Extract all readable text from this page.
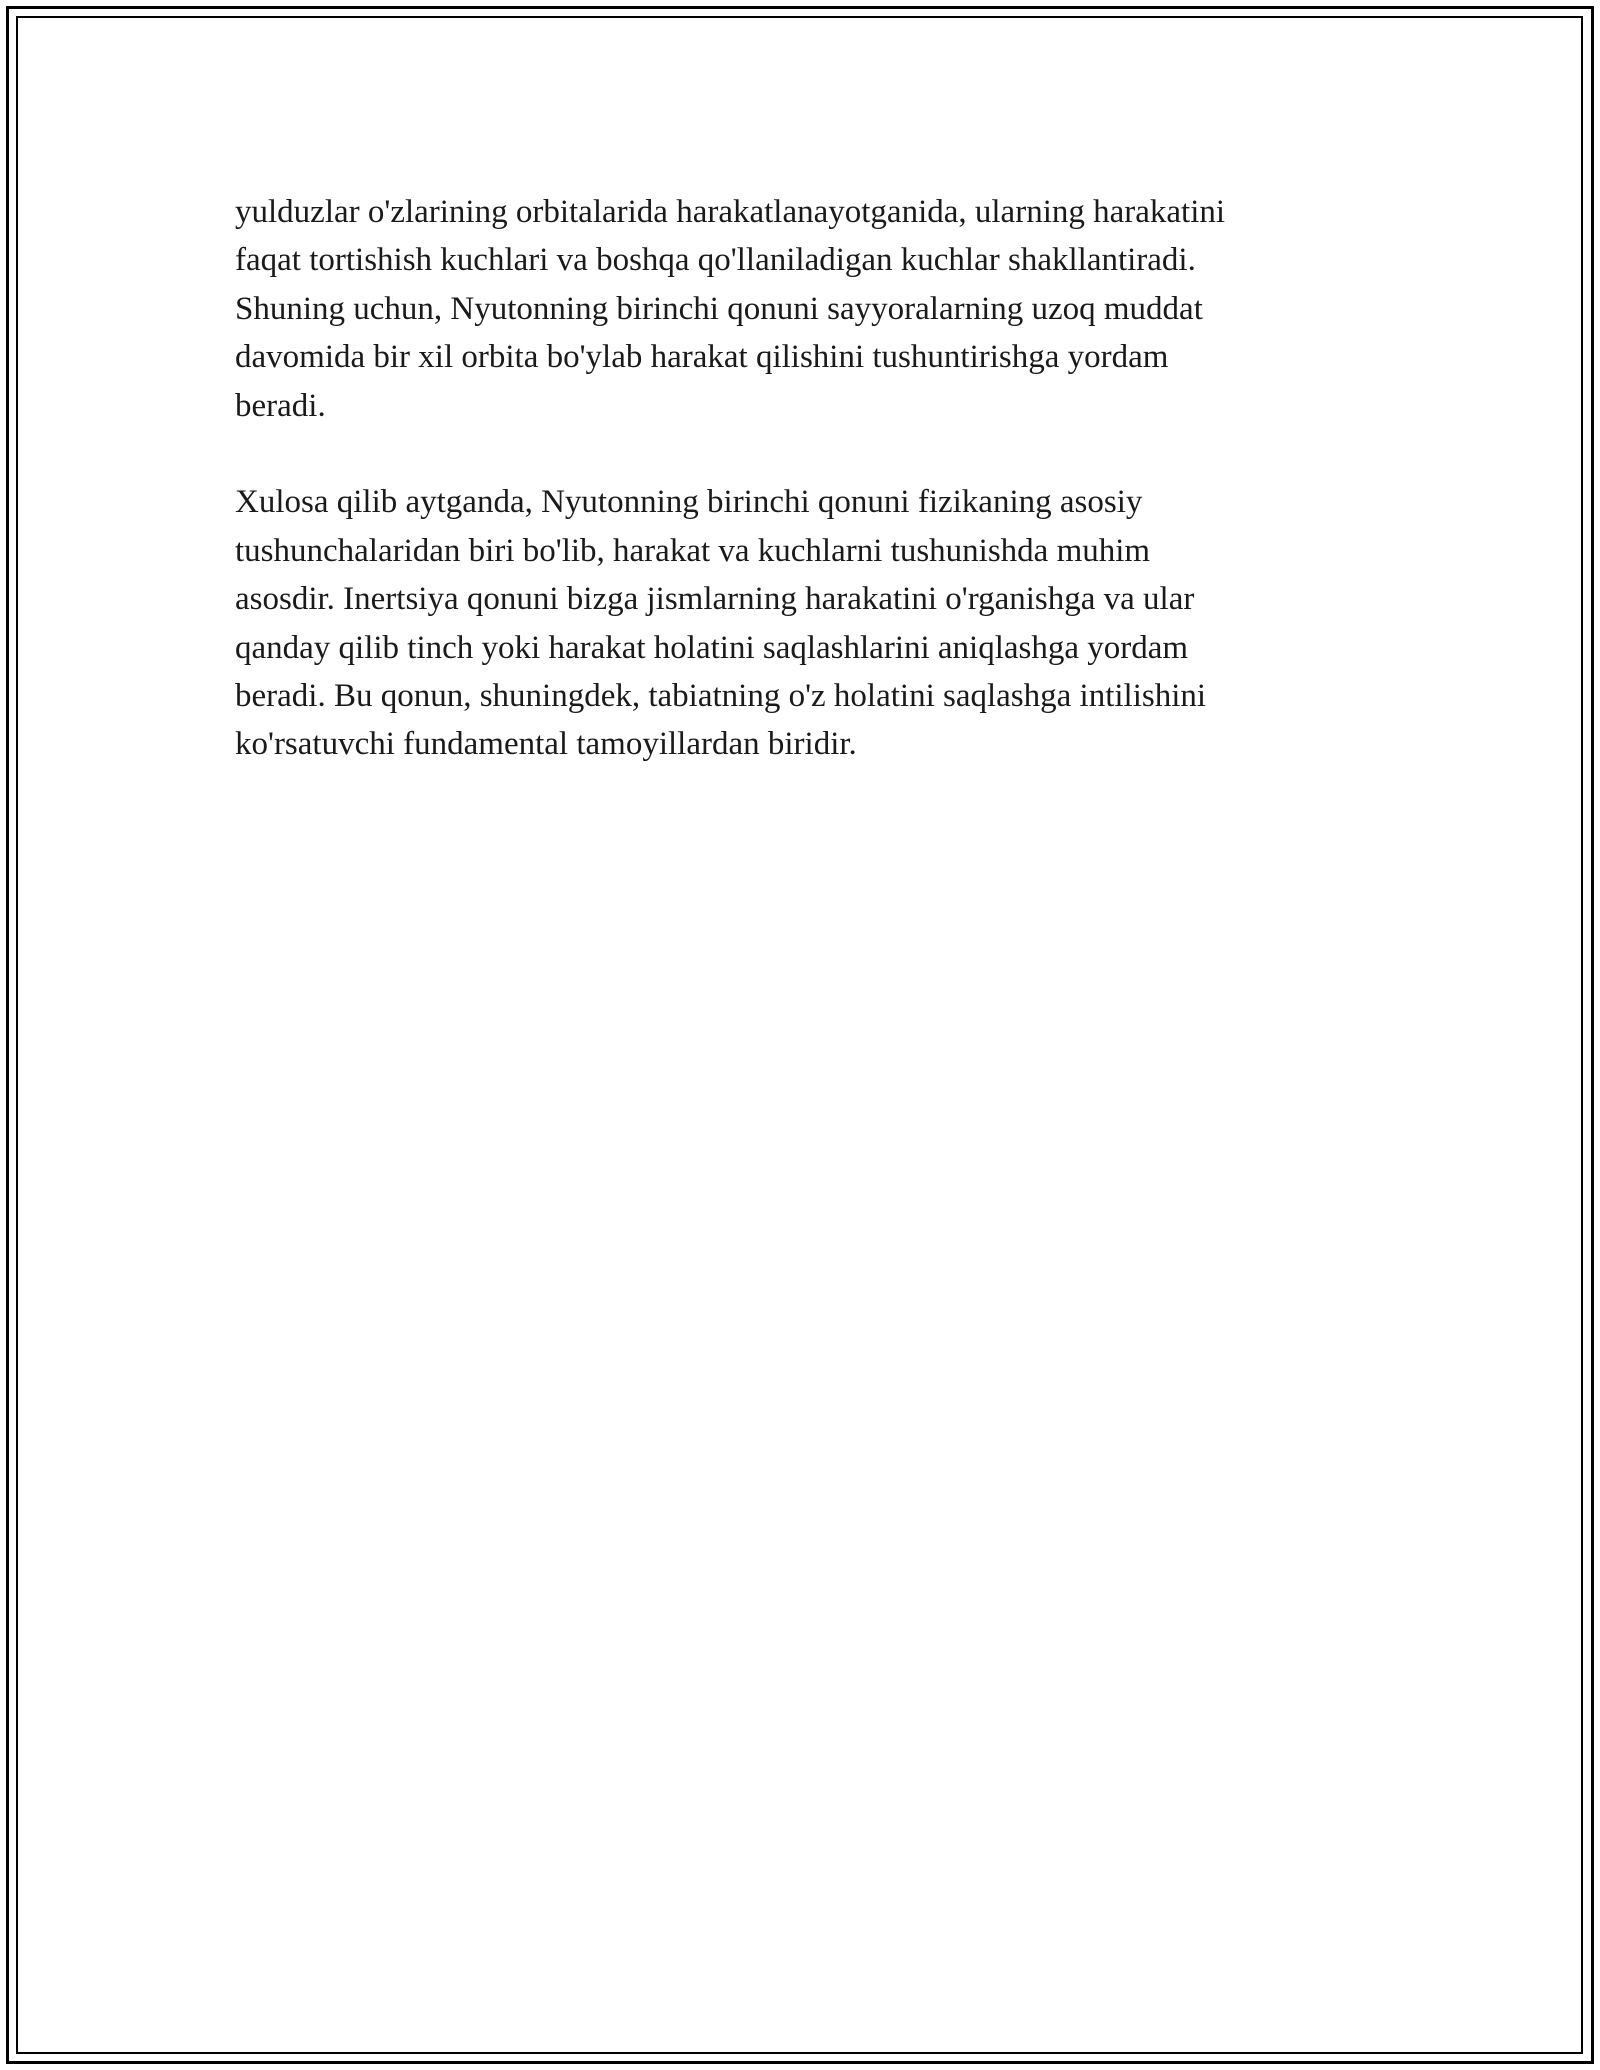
yulduzlar o'zlarining orbitalarida harakatlanayotganida, ularning harakatini
faqat tortishish kuchlari va boshqa qo'llaniladigan kuchlar shakllantiradi.
Shuning uchun, Nyutonning birinchi qonuni sayyoralarning uzoq muddat
davomida bir xil orbita bo'ylab harakat qilishini tushuntirishga yordam
beradi.

Xulosa qilib aytganda, Nyutonning birinchi qonuni fizikaning asosiy
tushunchalaridan biri bo'lib, harakat va kuchlarni tushunishda muhim
asosdir. Inertsiya qonuni bizga jismlarning harakatini o'rganishga va ular
qanday qilib tinch yoki harakat holatini saqlashlarini aniqlashga yordam
beradi. Bu qonun, shuningdek, tabiatning o'z holatini saqlashga intilishini
ko'rsatuvchi fundamental tamoyillardan biridir.
